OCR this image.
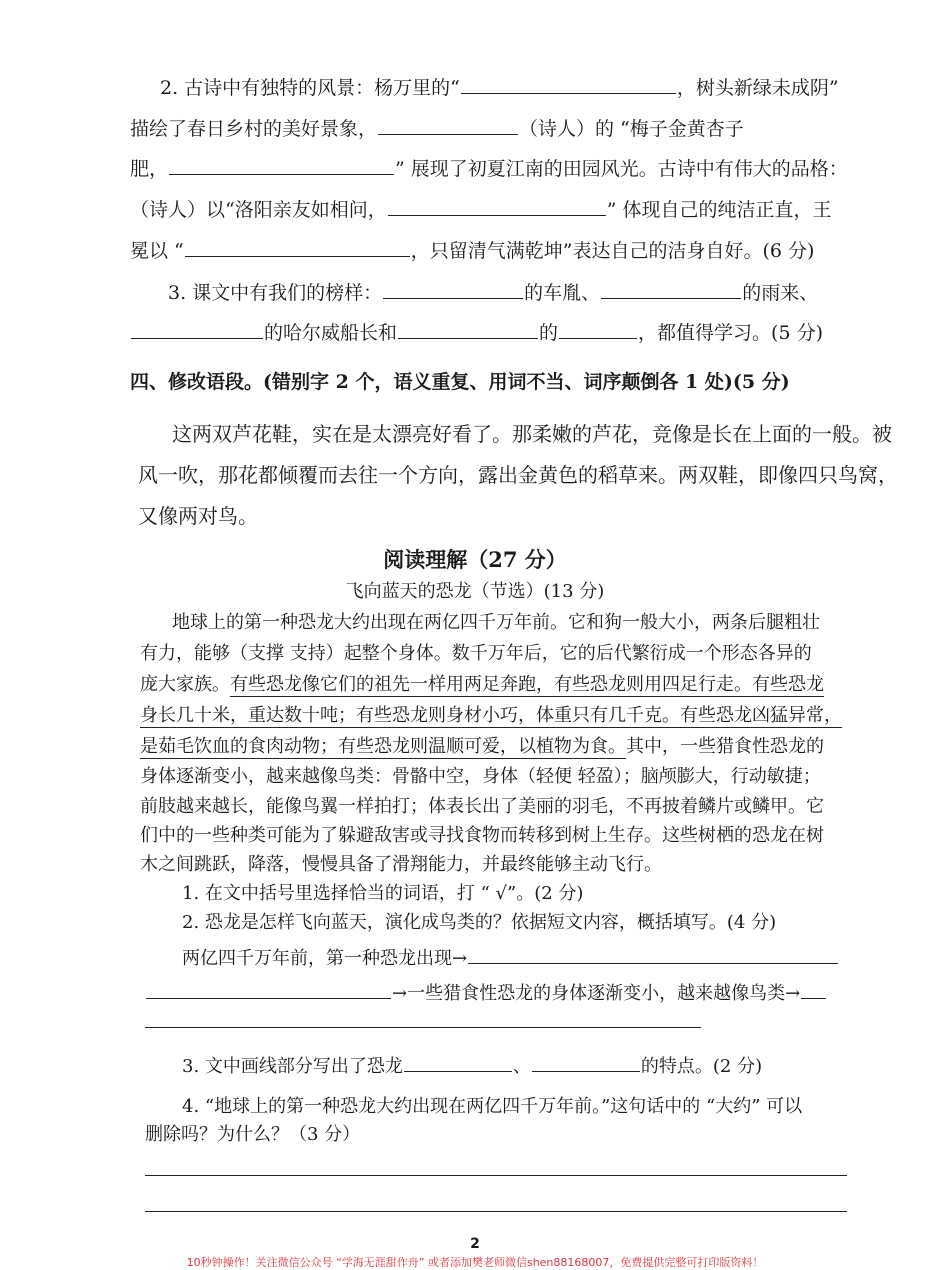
2. 古诗中有独特的风景：杨万里的“	，树头新绿未成阴”
描绘了春日乡村的美好景象，	（诗人）的 “梅子金黄杏子
肥，	” 展现了初夏江南的田园风光。古诗中有伟大的品格：
（诗人）以“洛阳亲友如相问，	” 体现自己的纯洁正直，王
冕以 “	，只留清气满乾坤”表达自己的洁身自好。(6 分)
3. 课文中有我们的榜样：	的车胤、	的雨来、
的哈尔威船长和	的	，都值得学习。(5 分)
四、修改语段。(错别字 2 个，语义重复、用词不当、词序颠倒各 1 处)(5 分)
这两双芦花鞋，实在是太漂亮好看了。那柔嫩的芦花，竞像是长在上面的一般。被
风一吹，那花都倾覆而去往一个方向，露出金黄色的稻草来。两双鞋，即像四只鸟窝，
又像两对鸟。
阅读理解（27 分）
飞向蓝天的恐龙（节选）(13 分)
地球上的第一种恐龙大约出现在两亿四千万年前。它和狗一般大小，两条后腿粗壮
有力，能够（支撑 支持）起整个身体。数千万年后，它的后代繁衍成一个形态各异的
庞大家族。有些恐龙像它们的祖先一样用两足奔跑，有些恐龙则用四足行走。有些恐龙
身长几十米，重达数十吨；有些恐龙则身材小巧，体重只有几千克。有些恐龙凶猛异常，
是茹毛饮血的食肉动物；有些恐龙则温顺可爱，以植物为食。其中，一些猎食性恐龙的
身体逐渐变小，越来越像鸟类：骨骼中空，身体（轻便 轻盈）；脑颅膨大，行动敏捷；
前肢越来越长，能像鸟翼一样拍打；体表长出了美丽的羽毛，不再披着鳞片或鳞甲。它
们中的一些种类可能为了躲避敌害或寻找食物而转移到树上生存。这些树栖的恐龙在树
木之间跳跃，降落，慢慢具备了滑翔能力，并最终能够主动飞行。
1. 在文中括号里选择恰当的词语，打 “ √”。(2 分)
2. 恐龙是怎样飞向蓝天，演化成鸟类的？依据短文内容，概括填写。(4 分)
两亿四千万年前，第一种恐龙出现→
→一些猎食性恐龙的身体逐渐变小，越来越像鸟类→
3. 文中画线部分写出了恐龙	、	的特点。(2 分)
4. “地球上的第一种恐龙大约出现在两亿四千万年前。”这句话中的 “大约” 可以
删除吗？为什么？（3 分）
2
10秒钟操作！关注微信公众号 “学海无涯甜作舟” 或者添加樊老师微信shen88168007，免费提供完整可打印版资料！
